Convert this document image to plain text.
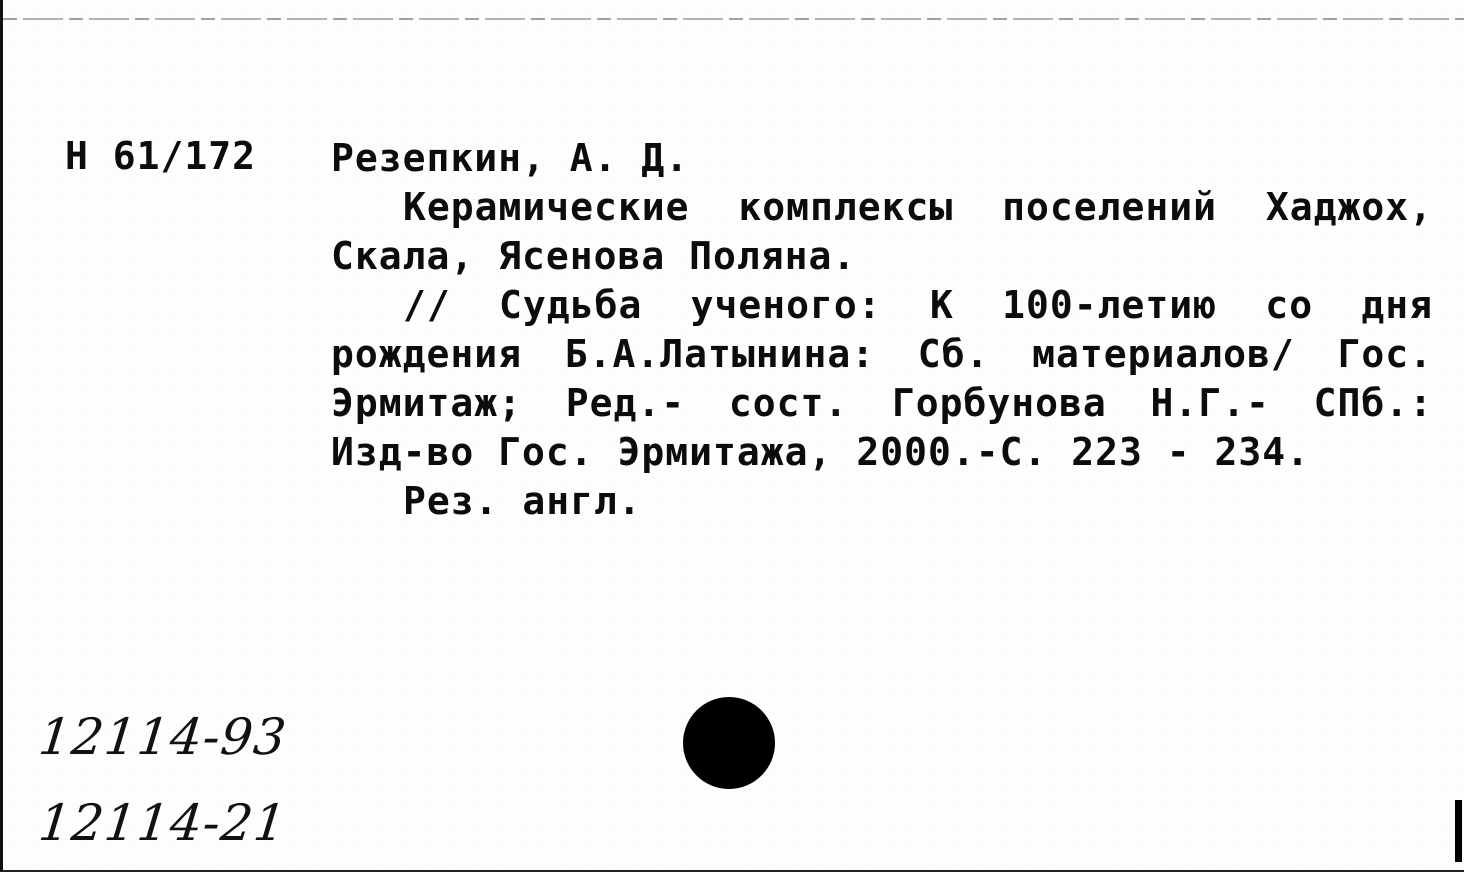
Н 61/172 Резепкин, А. Д.
Керамические комплексы поселений Хаджох,
Скала, Ясенова Поляна.
// Судьба ученого: К 100-летию со дня
рождения Б.А.Латынина: Сб. материалов/ Гос.
Эрмитаж; Ред.- сост. Горбунова Н.Г.- СПб.:
Изд-во Гос. Эрмитажа, 2000.-С. 223 - 234.
Рез. англ.
12114-93
12114-21
